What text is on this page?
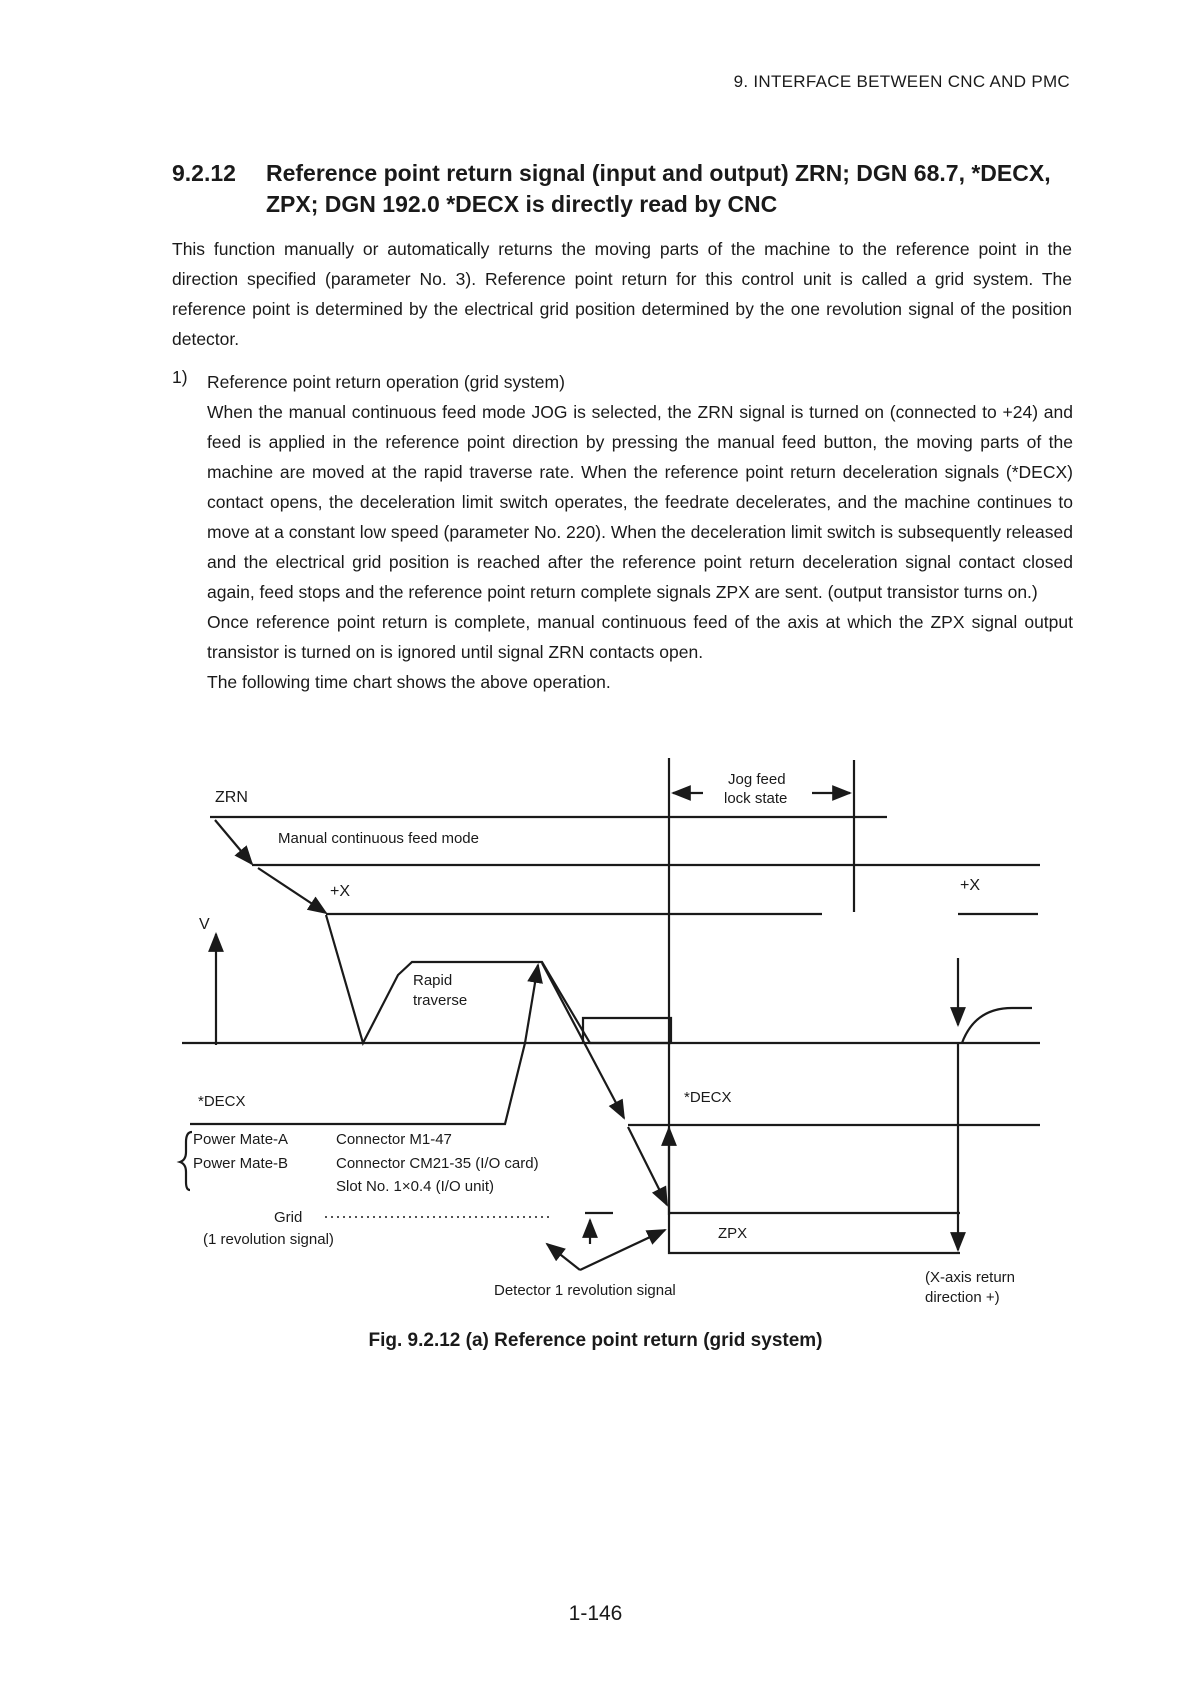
9. INTERFACE BETWEEN CNC AND PMC
9.2.12 Reference point return signal (input and output) ZRN; DGN 68.7, *DECX, ZPX; DGN 192.0 *DECX is directly read by CNC

This function manually or automatically returns the moving parts of the machine to the reference point in the direction specified (parameter No. 3). Reference point return for this control unit is called a grid system. The reference point is determined by the electrical grid position determined by the one revolution signal of the position detector.

1) Reference point return operation (grid system)

When the manual continuous feed mode JOG is selected, the ZRN signal is turned on (connected to +24) and feed is applied in the reference point direction by pressing the manual feed button, the moving parts of the machine are moved at the rapid traverse rate. When the reference point return deceleration signals (*DECX) contact opens, the deceleration limit switch operates, the feedrate decelerates, and the machine continues to move at a constant low speed (parameter No. 220). When the deceleration limit switch is subsequently released and the electrical grid position is reached after the reference point return deceleration signal contact closed again, feed stops and the reference point return complete signals ZPX are sent. (output transistor turns on.)

Once reference point return is complete, manual continuous feed of the axis at which the ZPX signal output transistor is turned on is ignored until signal ZRN contacts open.

The following time chart shows the above operation.

Jog feed
lock state
ZRN
Manual continuous feed mode
+X	+X
V
Rapid
traverse
*DECX	*DECX
Power Mate-A
Power Mate-B
Connector M1-47
Connector CM21-35 (I/O card)
Slot No. 1×0.4 (I/O unit)
Grid
(1 revolution signal)	ZPX
Detector 1 revolution signal
(X-axis return
direction +)
Fig. 9.2.12 (a) Reference point return (grid system)
1-146
